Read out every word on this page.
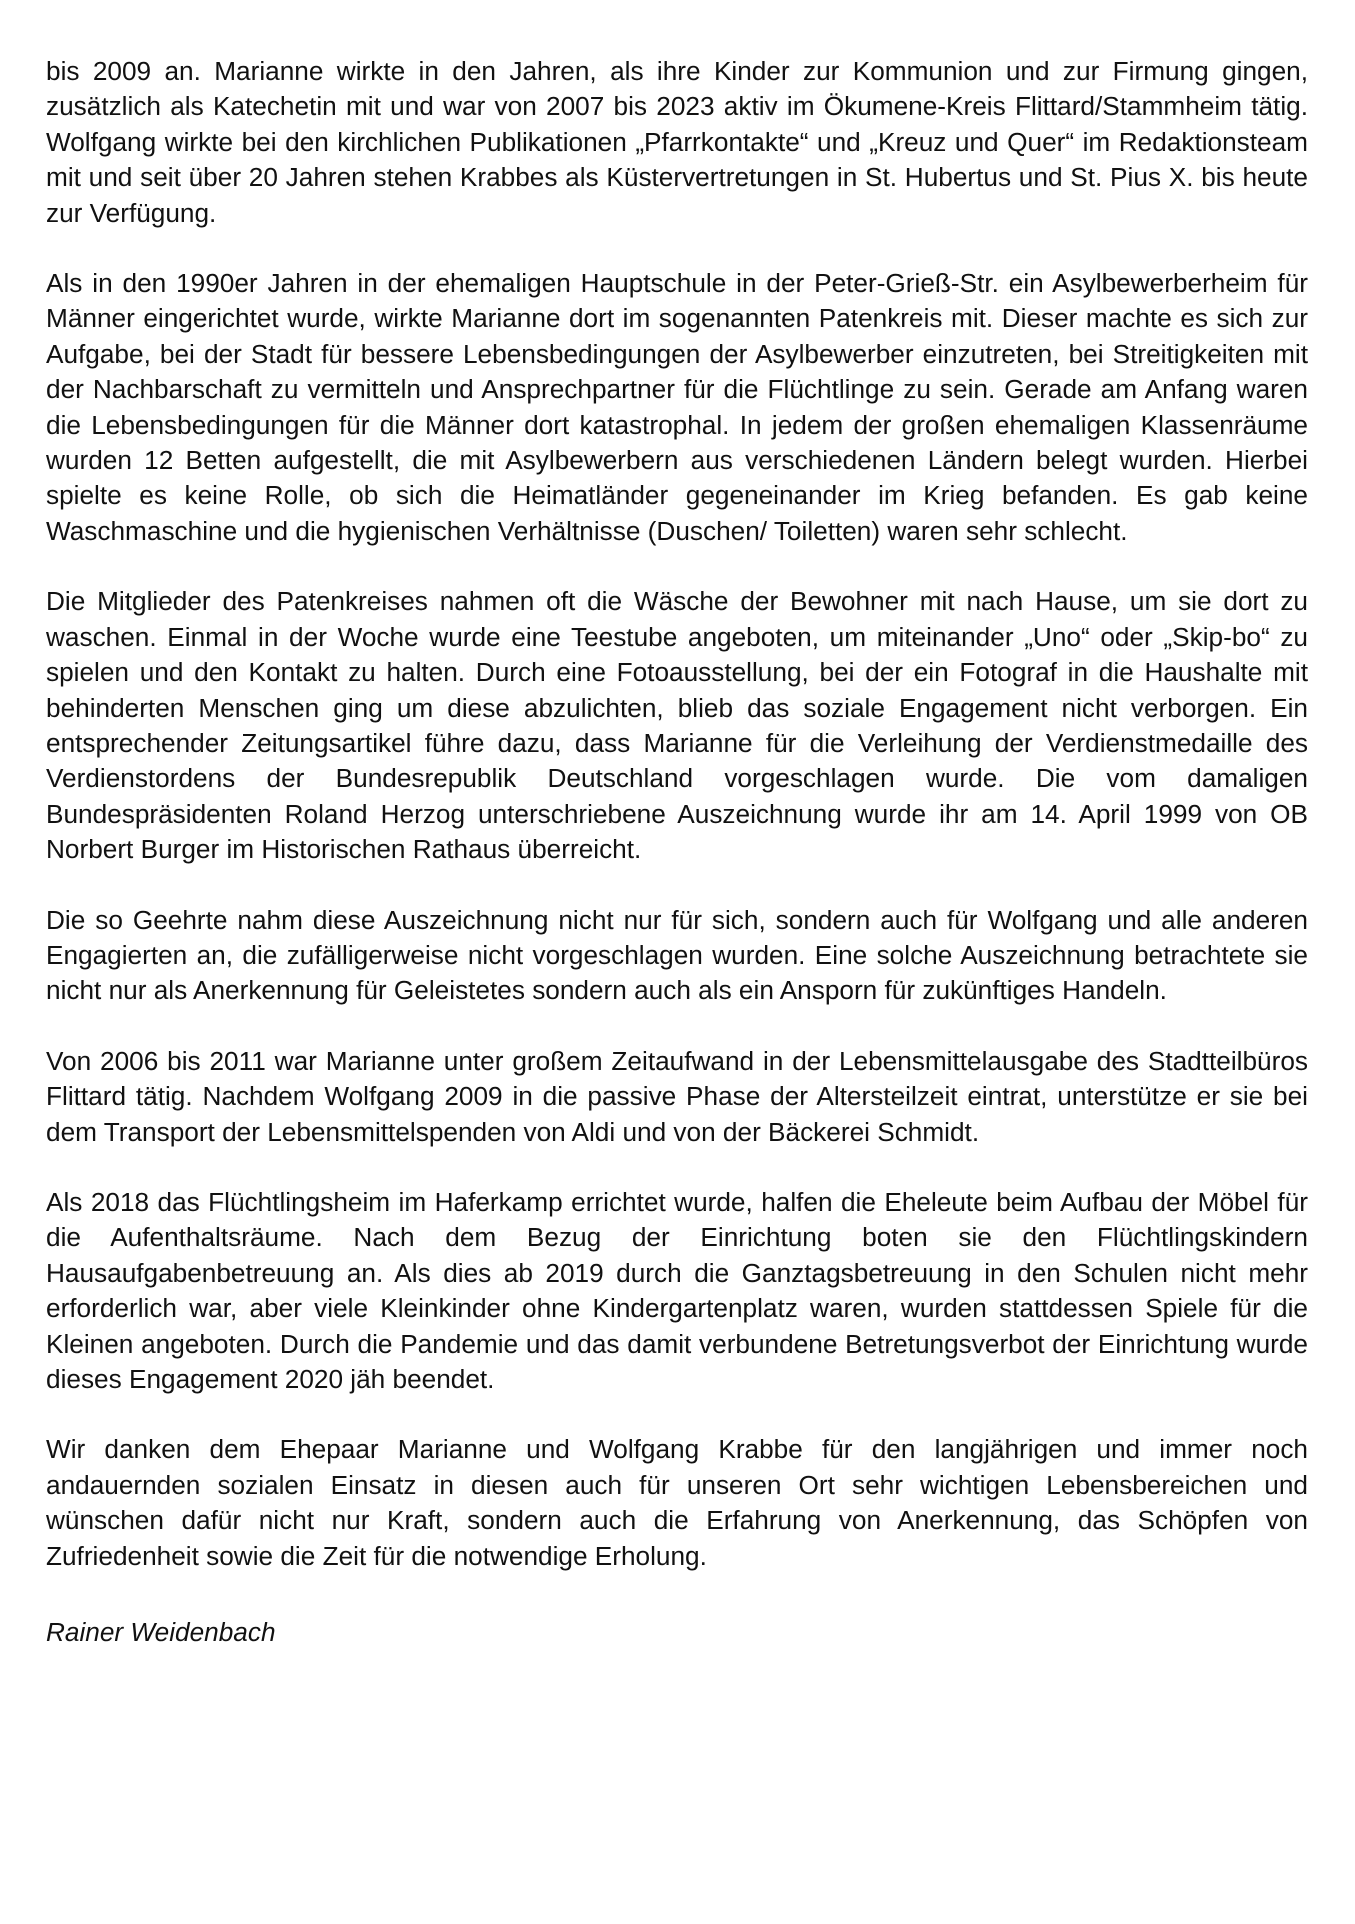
bis 2009 an. Marianne wirkte in den Jahren, als ihre Kinder zur Kommunion und zur Firmung gingen, zusätzlich als Katechetin mit und war von 2007 bis 2023 aktiv im Ökumene-Kreis Flittard/Stammheim tätig. Wolfgang wirkte bei den kirchlichen Publikationen „Pfarrkontakte“ und „Kreuz und Quer“ im Redaktionsteam mit und seit über 20 Jahren stehen Krabbes als Küstervertretungen in St. Hubertus und St. Pius X. bis heute zur Verfügung.

Als in den 1990er Jahren in der ehemaligen Hauptschule in der Peter-Grieß-Str. ein Asylbewerberheim für Männer eingerichtet wurde, wirkte Marianne dort im sogenannten Patenkreis mit. Dieser machte es sich zur Aufgabe, bei der Stadt für bessere Lebensbedingungen der Asylbewerber einzutreten, bei Streitigkeiten mit der Nachbarschaft zu vermitteln und Ansprechpartner für die Flüchtlinge zu sein. Gerade am Anfang waren die Lebensbedingungen für die Männer dort katastrophal. In jedem der großen ehemaligen Klassenräume wurden 12 Betten aufgestellt, die mit Asylbewerbern aus verschiedenen Ländern belegt wurden. Hierbei spielte es keine Rolle, ob sich die Heimatländer gegeneinander im Krieg befanden. Es gab keine Waschmaschine und die hygienischen Verhältnisse (Duschen/ Toiletten) waren sehr schlecht.

Die Mitglieder des Patenkreises nahmen oft die Wäsche der Bewohner mit nach Hause, um sie dort zu waschen. Einmal in der Woche wurde eine Teestube angeboten, um miteinander „Uno“ oder „Skip-bo“ zu spielen und den Kontakt zu halten. Durch eine Fotoausstellung, bei der ein Fotograf in die Haushalte mit behinderten Menschen ging um diese abzulichten, blieb das soziale Engagement nicht verborgen. Ein entsprechender Zeitungsartikel führe dazu, dass Marianne für die Verleihung der Verdienstmedaille des Verdienstordens der Bundesrepublik Deutschland vorgeschlagen wurde. Die vom damaligen Bundespräsidenten Roland Herzog unterschriebene Auszeichnung wurde ihr am 14. April 1999 von OB Norbert Burger im Historischen Rathaus überreicht.

Die so Geehrte nahm diese Auszeichnung nicht nur für sich, sondern auch für Wolfgang und alle anderen Engagierten an, die zufälligerweise nicht vorgeschlagen wurden. Eine solche Auszeichnung betrachtete sie nicht nur als Anerkennung für Geleistetes sondern auch als ein Ansporn für zukünftiges Handeln.

Von 2006 bis 2011 war Marianne unter großem Zeitaufwand in der Lebensmittelausgabe des Stadtteilbüros Flittard tätig. Nachdem Wolfgang 2009 in die passive Phase der Altersteilzeit eintrat, unterstütze er sie bei dem Transport der Lebensmittelspenden von Aldi und von der Bäckerei Schmidt.

Als 2018 das Flüchtlingsheim im Haferkamp errichtet wurde, halfen die Eheleute beim Aufbau der Möbel für die Aufenthaltsräume. Nach dem Bezug der Einrichtung boten sie den Flüchtlingskindern Hausaufgabenbetreuung an. Als dies ab 2019 durch die Ganztagsbetreuung in den Schulen nicht mehr erforderlich war, aber viele Kleinkinder ohne Kindergartenplatz waren, wurden stattdessen Spiele für die Kleinen angeboten. Durch die Pandemie und das damit verbundene Betretungsverbot der Einrichtung wurde dieses Engagement 2020 jäh beendet.

Wir danken dem Ehepaar Marianne und Wolfgang Krabbe für den langjährigen und immer noch andauernden sozialen Einsatz in diesen auch für unseren Ort sehr wichtigen Lebensbereichen und wünschen dafür nicht nur Kraft, sondern auch die Erfahrung von Anerkennung, das Schöpfen von Zufriedenheit sowie die Zeit für die notwendige Erholung.

Rainer Weidenbach
